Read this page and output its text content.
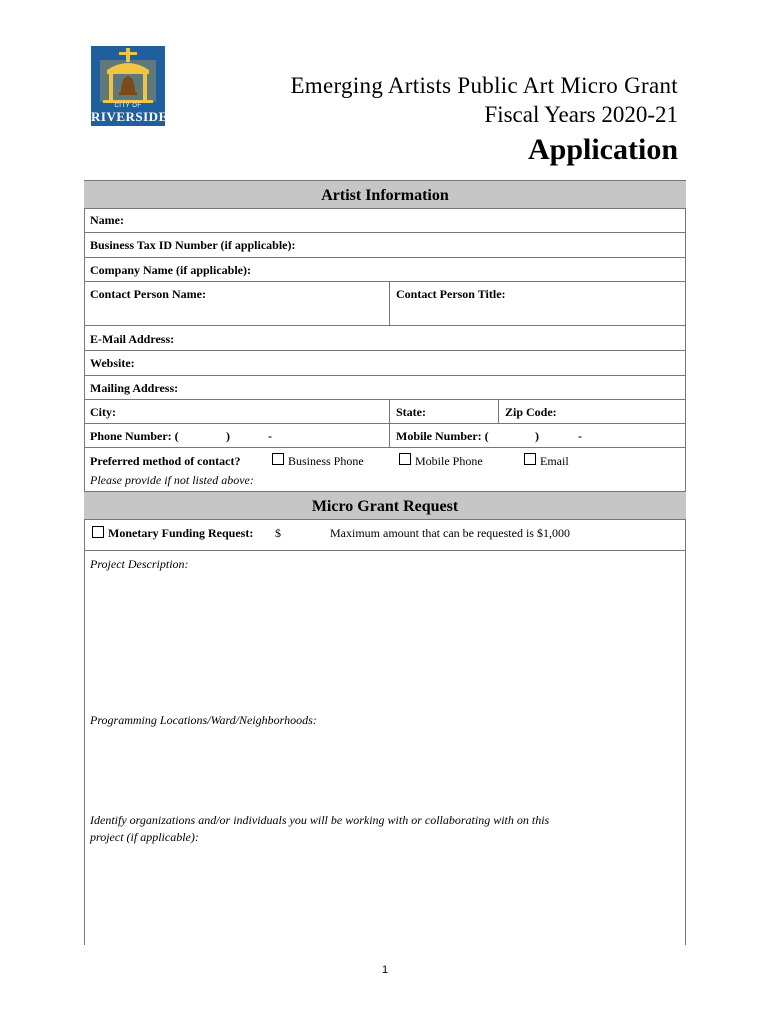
CITY OF
RIVERSIDE
Emerging Artists Public Art Micro Grant
Fiscal Years 2020-21
Application
Artist Information
Name:
Business Tax ID Number (if applicable):
Company Name (if applicable):
Contact Person Name:	Contact Person Title:
E-Mail Address:
Website:
Mailing Address:
City:	State:	Zip Code:
Phone Number: (	)	-	Mobile Number: (	)	-
Preferred method of contact?	Business Phone	Mobile Phone	Email
Please provide if not listed above:
Micro Grant Request
Monetary Funding Request: $	Maximum amount that can be requested is $1,000
Project Description:
Programming Locations/Ward/Neighborhoods:
Identify organizations and/or individuals you will be working with or collaborating with on this
project (if applicable):
1
